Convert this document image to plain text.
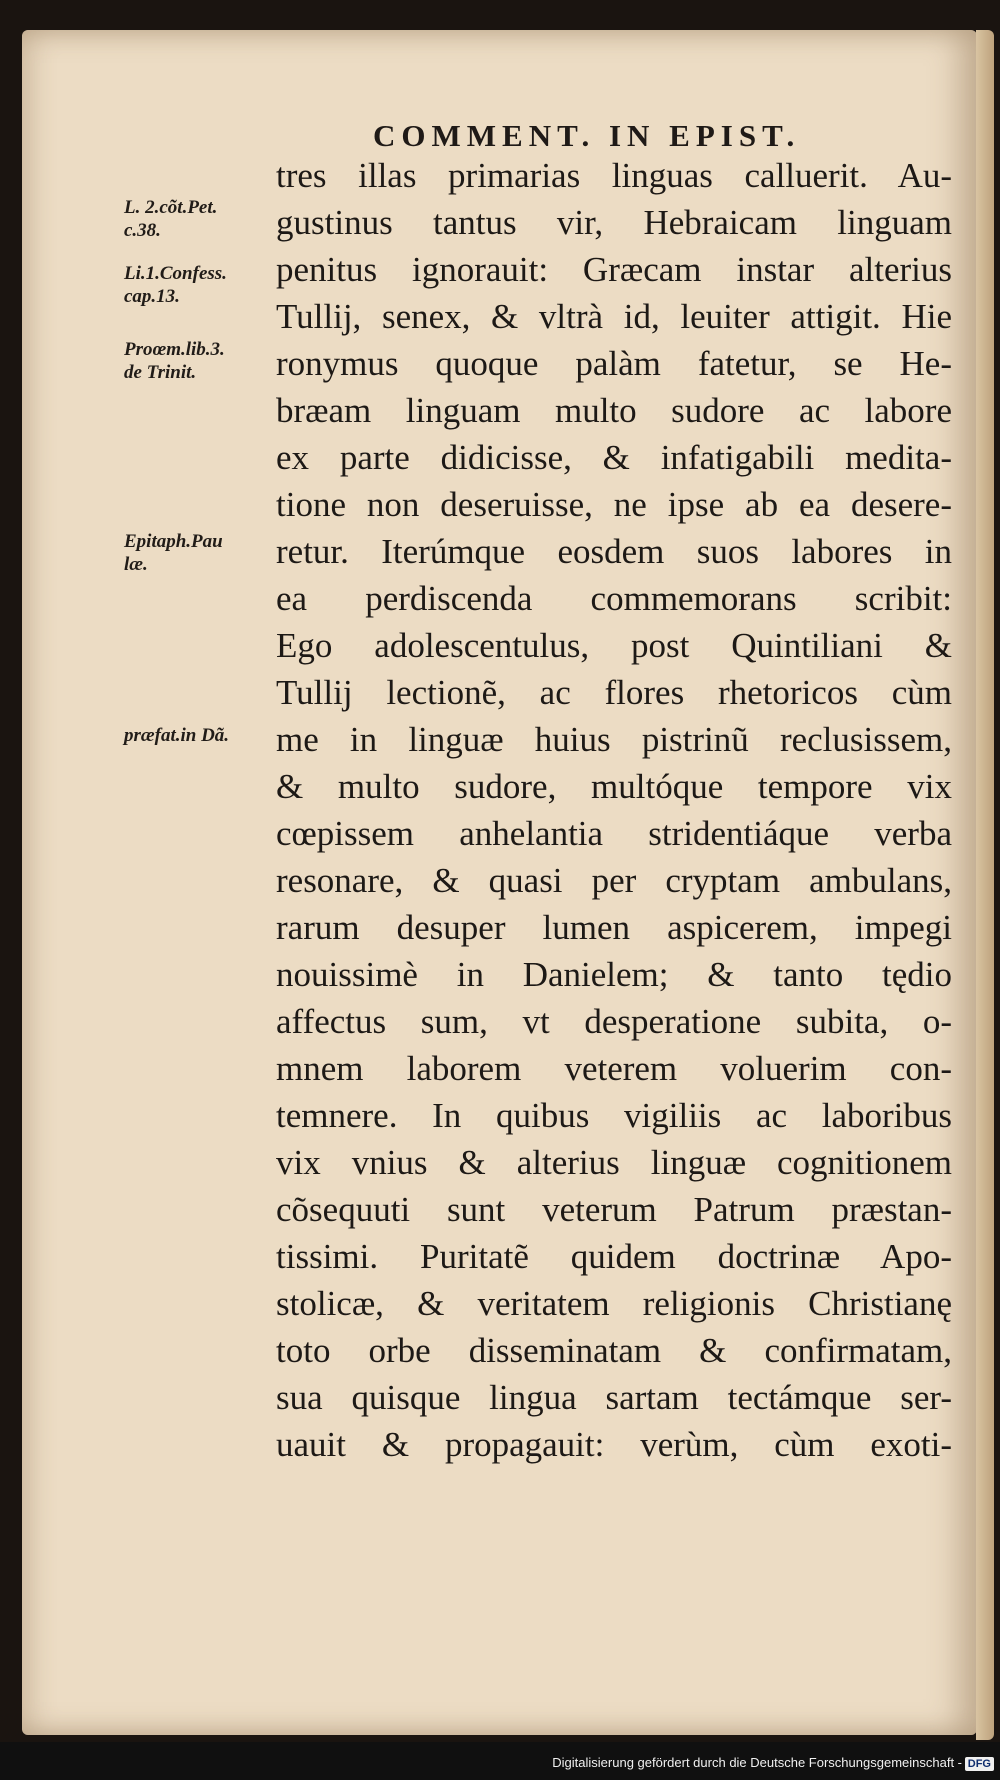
COMMENT. IN EPIST.
tres illas primarias linguas calluerit. Au-
gustinus tantus vir, Hebraicam linguam
penitus ignorauit: Græcam instar alterius
Tullij, senex, & vltrà id, leuiter attigit. Hie
ronymus quoque palàm fatetur, se He-
bræam linguam multo sudore ac labore
ex parte didicisse, & infatigabili medita-
tione non deseruisse, ne ipse ab ea desere-
retur. Iterúmque eosdem suos labores in
ea perdiscenda commemorans scribit:
Ego adolescentulus, post Quintiliani &
Tullij lectionẽ, ac flores rhetoricos cùm
me in linguæ huius pistrinũ reclusissem,
& multo sudore, multóque tempore vix
cœpissem anhelantia stridentiáque verba
resonare, & quasi per cryptam ambulans,
rarum desuper lumen aspicerem, impegi
nouissimè in Danielem; & tanto tędio
affectus sum, vt desperatione subita, o-
mnem laborem veterem voluerim con-
temnere. In quibus vigiliis ac laboribus
vix vnius & alterius linguæ cognitionem
cõsequuti sunt veterum Patrum præstan-
tissimi. Puritatẽ quidem doctrinæ Apo-
stolicæ, & veritatem religionis Christianę
toto orbe disseminatam & confirmatam,
sua quisque lingua sartam tectámque ser-
uauit & propagauit: verùm, cùm exoti-
L. 2.cõt.Pet.
c.38.
Li.1.Confess.
cap.13.
Proœm.lib.3.
de Trinit.
Epitaph.Pau
læ.
præfat.in Dã.
Digitalisierung gefördert durch die Deutsche Forschungsgemeinschaft - DFG
